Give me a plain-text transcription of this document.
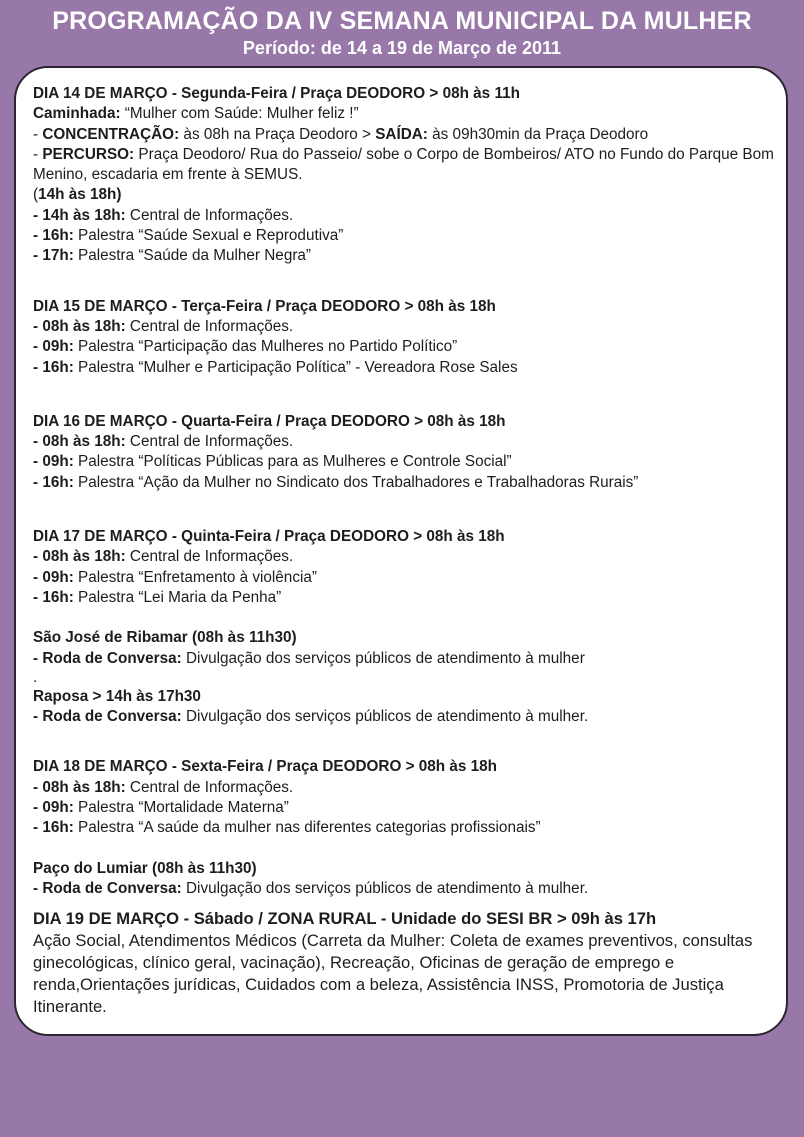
PROGRAMAÇÃO DA IV SEMANA MUNICIPAL DA MULHER
Período: de 14 a 19 de Março de 2011

DIA 14 DE MARÇO - Segunda-Feira / Praça DEODORO > 08h às 11h

Caminhada: “Mulher com Saúde: Mulher feliz !”

- CONCENTRAÇÃO: às 08h na Praça Deodoro > SAÍDA: às 09h30min da Praça Deodoro

- PERCURSO: Praça Deodoro/ Rua do Passeio/ sobe o Corpo de Bombeiros/ ATO no Fundo do Parque Bom Menino, escadaria em frente à SEMUS.

(14h às 18h)

- 14h às 18h: Central de Informações.

- 16h: Palestra “Saúde Sexual e Reprodutiva”

- 17h: Palestra “Saúde da Mulher Negra”

DIA 15 DE MARÇO - Terça-Feira / Praça DEODORO > 08h às 18h

- 08h às 18h: Central de Informações.

- 09h: Palestra “Participação das Mulheres no Partido Político”

- 16h: Palestra “Mulher e Participação Política” - Vereadora Rose Sales

DIA 16 DE MARÇO - Quarta-Feira / Praça DEODORO > 08h às 18h

- 08h às 18h: Central de Informações.

- 09h: Palestra “Políticas Públicas para as Mulheres e Controle Social”

- 16h: Palestra “Ação da Mulher no Sindicato dos Trabalhadores e Trabalhadoras Rurais”

DIA 17 DE MARÇO - Quinta-Feira / Praça DEODORO > 08h às 18h

- 08h às 18h: Central de Informações.

- 09h: Palestra “Enfretamento à violência”

- 16h: Palestra “Lei Maria da Penha”

São José de Ribamar (08h às 11h30)

- Roda de Conversa: Divulgação dos serviços públicos de atendimento à mulher

.

Raposa > 14h às 17h30

- Roda de Conversa: Divulgação dos serviços públicos de atendimento à mulher.

DIA 18 DE MARÇO - Sexta-Feira / Praça DEODORO > 08h às 18h

- 08h às 18h: Central de Informações.

- 09h: Palestra “Mortalidade Materna”

- 16h: Palestra “A saúde da mulher nas diferentes categorias profissionais”

Paço do Lumiar (08h às 11h30)

- Roda de Conversa: Divulgação dos serviços públicos de atendimento à mulher.

DIA 19 DE MARÇO - Sábado / ZONA RURAL - Unidade do SESI BR > 09h às 17h

Ação Social, Atendimentos Médicos (Carreta da Mulher: Coleta de exames preventivos, consultas ginecológicas, clínico geral, vacinação), Recreação, Oficinas de geração de emprego e renda,Orientações jurídicas, Cuidados com a beleza, Assistência INSS, Promotoria de Justiça Itinerante.
